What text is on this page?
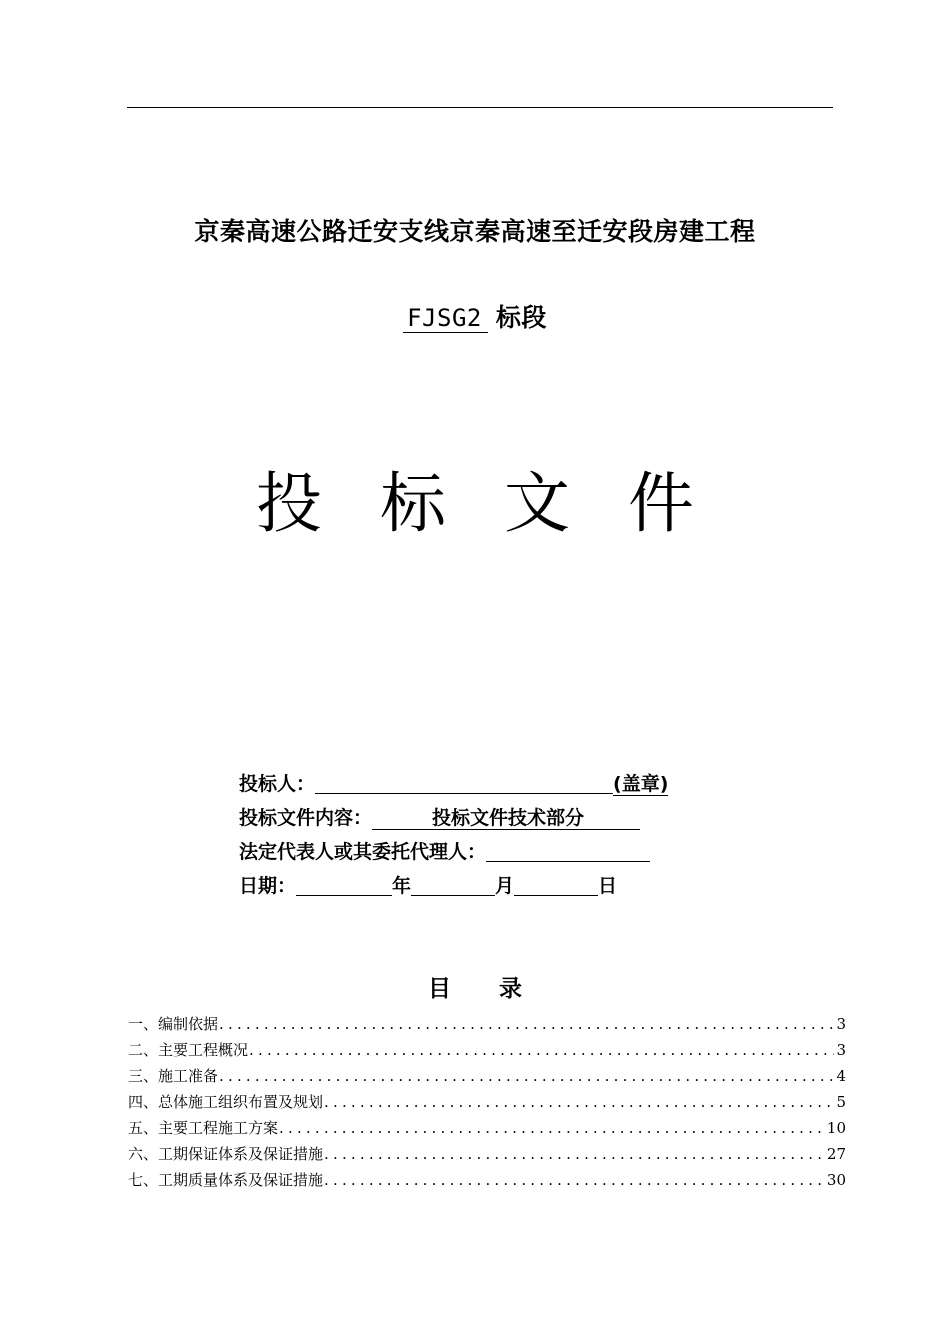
京秦高速公路迁安支线京秦高速至迁安段房建工程
FJSG2 标段
投 标 文 件
投标人：	(盖章)
投标文件内容：	投标文件技术部分
法定代表人或其委托代理人：
日期：	年	月	日
目 录
一、编制依据 .....	3
二、主要工程概况 .....	3
三、施工准备 .....	4
四、总体施工组织布置及规划 .....	5
五、主要工程施工方案 .....	10
六、工期保证体系及保证措施 .....	27
七、工期质量体系及保证措施 .....	30
